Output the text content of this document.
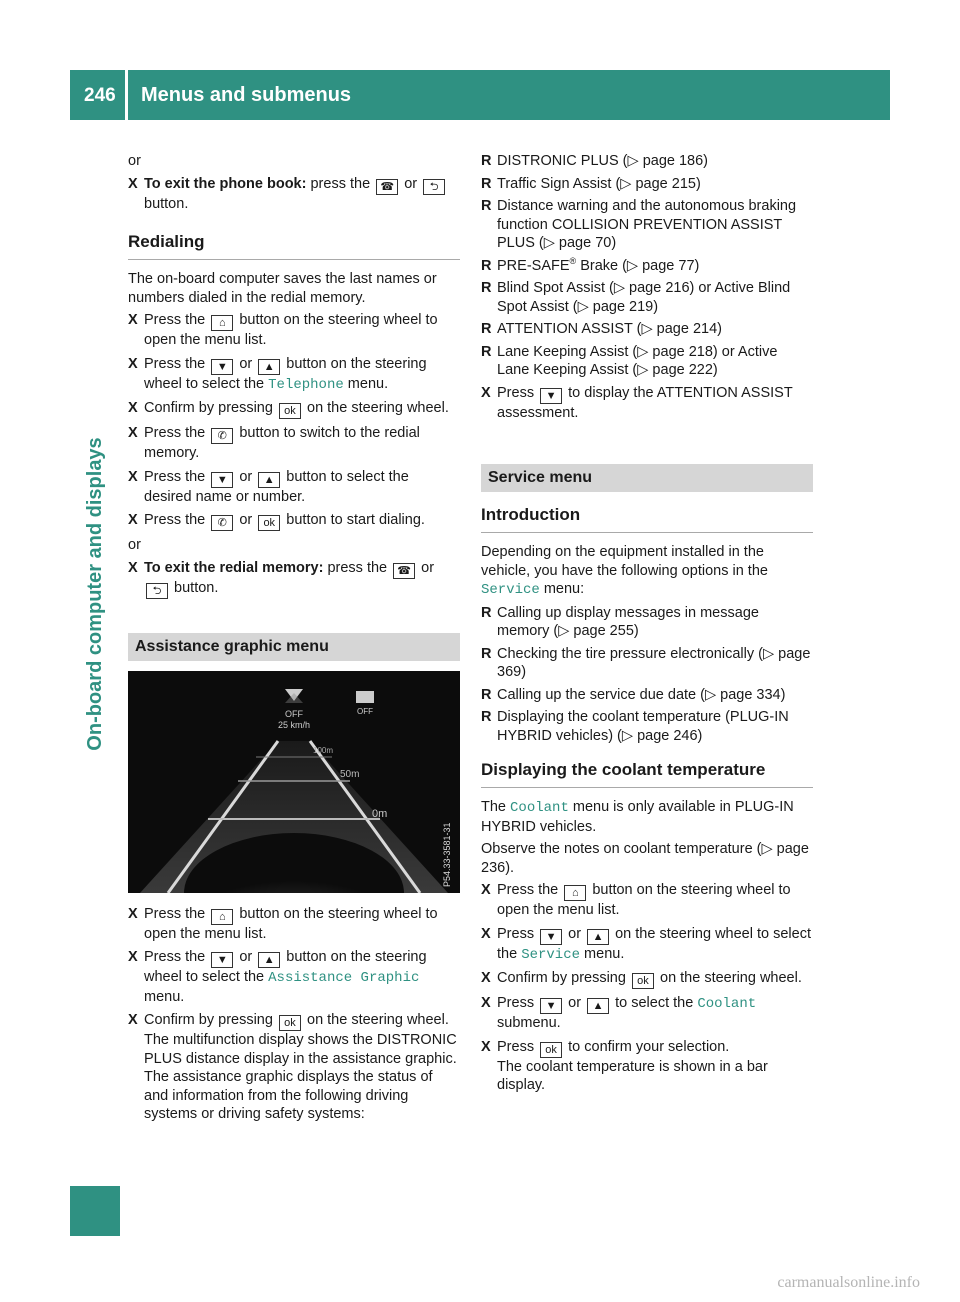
246 Menus and submenus
On-board computer and displays

or

X To exit the phone book: press the ☎ or ⮌ button.
Redialing

The on-board computer saves the last names or numbers dialed in the redial memory.

X Press the ⌂ button on the steering wheel to open the menu list.
X Press the ▼ or ▲ button on the steering wheel to select the Telephone menu.
X Confirm by pressing ok on the steering wheel.
X Press the ✆ button to switch to the redial memory.
X Press the ▼ or ▲ button to select the desired name or number.
X Press the ✆ or ok button to start dialing.

or

X To exit the redial memory: press the ☎ or ⮌ button.
Assistance graphic menu
OFF
25 km/h
OFF
100m
50m
0m
P54.33-3581-31
X Press the ⌂ button on the steering wheel to open the menu list.
X Press the ▼ or ▲ button on the steering wheel to select the Assistance Graphic menu.
X Confirm by pressing ok on the steering wheel.

The multifunction display shows the DISTRONIC PLUS distance display in the assistance graphic.

The assistance graphic displays the status of and information from the following driving systems or driving safety systems:

R DISTRONIC PLUS (▷ page 186)
R Traffic Sign Assist (▷ page 215)
R Distance warning and the autonomous braking function COLLISION PREVENTION ASSIST PLUS (▷ page 70)
R PRE-SAFE® Brake (▷ page 77)
R Blind Spot Assist (▷ page 216) or Active Blind Spot Assist (▷ page 219)
R ATTENTION ASSIST (▷ page 214)
R Lane Keeping Assist (▷ page 218) or Active Lane Keeping Assist (▷ page 222)
X Press ▼ to display the ATTENTION ASSIST assessment.
Service menu
Introduction

Depending on the equipment installed in the vehicle, you have the following options in the Service menu:

R Calling up display messages in message memory (▷ page 255)
R Checking the tire pressure electronically (▷ page 369)
R Calling up the service due date (▷ page 334)
R Displaying the coolant temperature (PLUG-IN HYBRID vehicles) (▷ page 246)
Displaying the coolant temperature

The Coolant menu is only available in PLUG-IN HYBRID vehicles.

Observe the notes on coolant temperature (▷ page 236).

X Press the ⌂ button on the steering wheel to open the menu list.
X Press ▼ or ▲ on the steering wheel to select the Service menu.
X Confirm by pressing ok on the steering wheel.
X Press ▼ or ▲ to select the Coolant submenu.
X Press ok to confirm your selection.

The coolant temperature is shown in a bar display.

carmanualsonline.info
